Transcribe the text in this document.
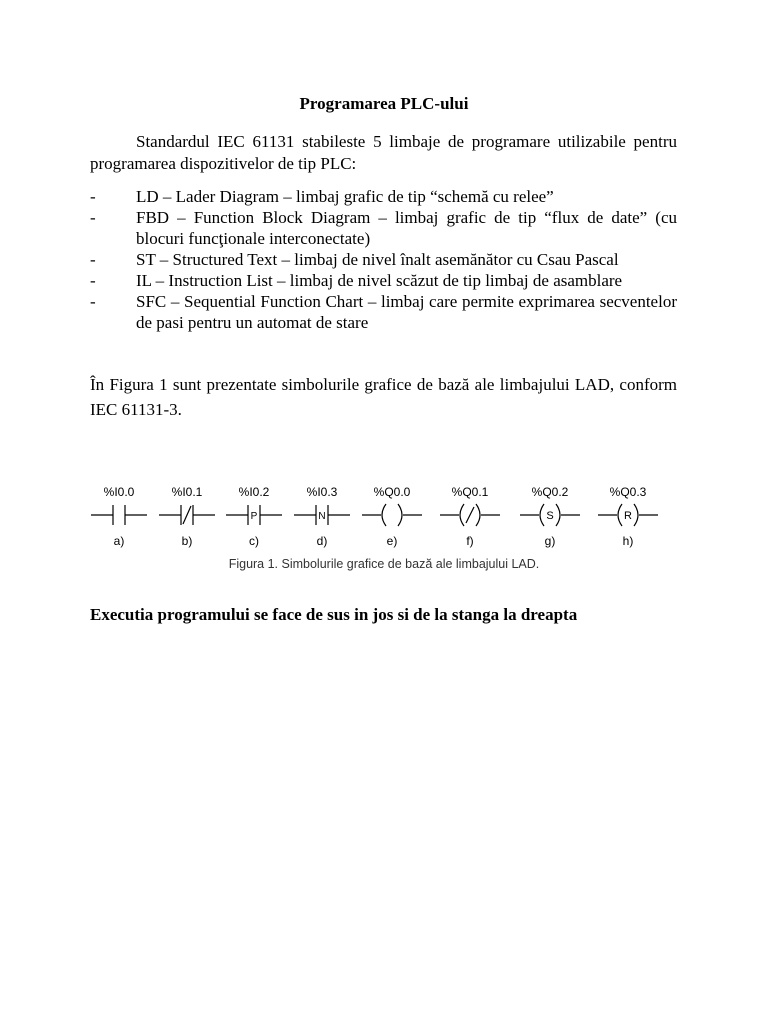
Programarea PLC-ului
Standardul IEC 61131 stabileste 5 limbaje de programare utilizabile pentru programarea dispozitivelor de tip PLC:
-	LD – Lader Diagram – limbaj grafic de tip “schemă cu relee”
-	FBD – Function Block Diagram – limbaj grafic de tip “flux de date” (cu blocuri funcţionale interconectate)
-	ST – Structured Text – limbaj de nivel înalt asemănător cu Csau Pascal
-	IL – Instruction List – limbaj de nivel scăzut de tip limbaj de asamblare
-	SFC – Sequential Function Chart – limbaj care permite exprimarea secventelor de pasi pentru un automat de stare
În Figura 1 sunt prezentate simbolurile grafice de bază ale limbajului LAD, conform IEC 61131-3.
%I0.0
a)
%I0.1
b)
%I0.2
c)
P
%I0.3
d)
N
%Q0.0
e)
%Q0.1
f)
%Q0.2
g)
S
%Q0.3
h)
R
Figura 1. Simbolurile grafice de bază ale limbajului LAD.
Executia programului se face de sus in jos si de la stanga la dreapta
